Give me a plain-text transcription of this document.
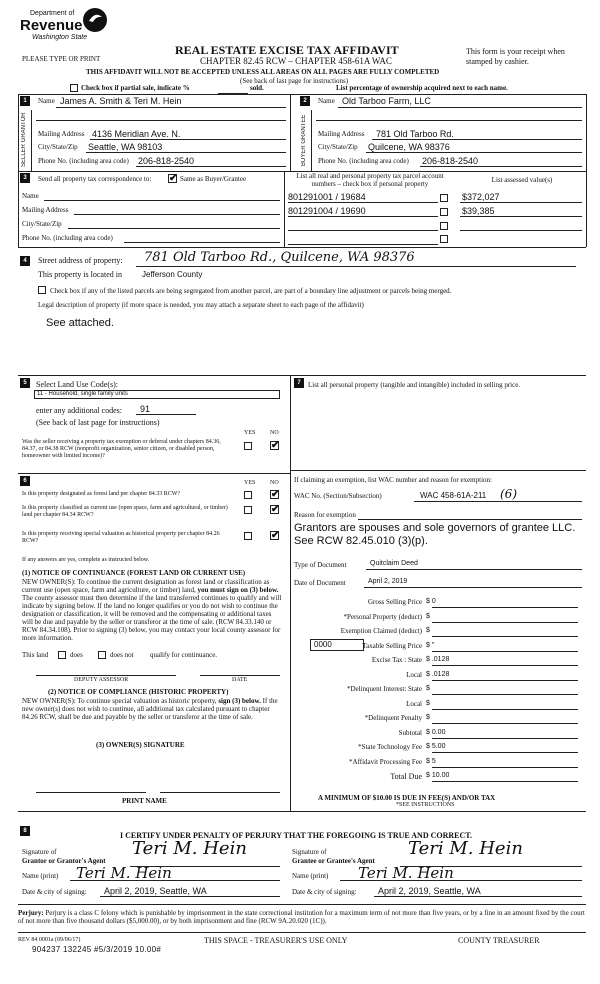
Department of
Revenue
Washington State
PLEASE TYPE OR PRINT
REAL ESTATE EXCISE TAX AFFIDAVIT
CHAPTER 82.45 RCW – CHAPTER 458-61A WAC
This form is your receipt when stamped by cashier.
THIS AFFIDAVIT WILL NOT BE ACCEPTED UNLESS ALL AREAS ON ALL PAGES ARE FULLY COMPLETED
(See back of last page for instructions)
Check box if partial sale, indicate %	sold.	List percentage of ownership acquired next to each name.
1
SELLER GRANTOR
Name James A. Smith & Teri M. Hein
Mailing Address 4136 Meridian Ave. N.
City/State/Zip Seattle, WA 98103
Phone No. (including area code) 206-818-2540
2
BUYER GRANTEE
Name Old Tarboo Farm, LLC
Mailing Address 781 Old Tarboo Rd.
City/State/Zip Quilcene, WA 98376
Phone No. (including area code) 206-818-2540
3	Send all property tax correspondence to: ✔ Same as Buyer/Grantee
Name
Mailing Address
City/State/Zip
Phone No. (including area code)
List all real and personal property tax parcel account numbers – check box if personal property
List assessed value(s)
801291001 / 19684	$372,027
801291004 / 19690	$39,385
4	Street address of property: 781 Old Tarboo Rd., Quilcene, WA 98376
This property is located in	Jefferson County
Check box if any of the listed parcels are being segregated from another parcel, are part of a boundary line adjustment or parcels being merged.
Legal description of property (if more space is needed, you may attach a separate sheet to each page of the affidavit)
See attached.
5	Select Land Use Code(s):
11 - Household, single family units
enter any additional codes: 91
(See back of last page for instructions)
YES NO
Was the seller receiving a property tax exemption or deferral under chapters 84.36, 84.37, or 84.38 RCW (nonprofit organization, senior citizen, or disabled person, homeowner with limited income)?
✔
6	YES NO
Is this property designated as forest land per chapter 84.33 RCW?	✔
Is this property classified as current use (open space, farm and agricultural, or timber) land per chapter 84.34 RCW?	✔
Is this property receiving special valuation as historical property per chapter 84.26 RCW?	✔
If any answers are yes, complete as instructed below.
(1) NOTICE OF CONTINUANCE (FOREST LAND OR CURRENT USE)
NEW OWNER(S): To continue the current designation as forest land or classification as current use (open space, farm and agriculture, or timber) land, you must sign on (3) below. The county assessor must then determine if the land transferred continues to qualify and will indicate by signing below. If the land no longer qualifies or you do not wish to continue the designation or classification, it will be removed and the compensating or additional taxes will be due and payable by the seller or transferor at the time of sale. (RCW 84.33.140 or RCW 84.34.108). Prior to signing (3) below, you may contact your local county assessor for more information.
This land	does	does not qualify for continuance.
DEPUTY ASSESSOR	DATE
(2) NOTICE OF COMPLIANCE (HISTORIC PROPERTY)
NEW OWNER(S): To continue special valuation as historic property, sign (3) below. If the new owner(s) does not wish to continue, all additional tax calculated pursuant to chapter 84.26 RCW, shall be due and payable by the seller or transferor at the time of sale.
(3) OWNER(S) SIGNATURE
PRINT NAME
7	List all personal property (tangible and intangible) included in selling price.
If claiming an exemption, list WAC number and reason for exemption:
WAC No. (Section/Subsection)	WAC 458-61A-211 (6)
Reason for exemption
Grantors are spouses and sole governors of grantee LLC. See RCW 82.45.010 (3)(p).
Type of Document	Quitclaim Deed
Date of Document	April 2, 2019
Gross Selling Price $ 0
*Personal Property (deduct) $
Exemption Claimed (deduct) $
Taxable Selling Price $ "
Excise Tax : State $ .0128
Local $ .0128
*Delinquent Interest: State $
Local $
*Delinquent Penalty $
Subtotal $ 0.00
*State Technology Fee $ 5.00
*Affidavit Processing Fee $ 5
Total Due $ 10.00
0000
A MINIMUM OF $10.00 IS DUE IN FEE(S) AND/OR TAX
*SEE INSTRUCTIONS
8	I CERTIFY UNDER PENALTY OF PERJURY THAT THE FOREGOING IS TRUE AND CORRECT.
Signature of
Grantor or Grantor's Agent
Teri M. Hein
Name (print) Teri M. Hein
Date & city of signing: April 2, 2019, Seattle, WA
Signature of
Grantee or Grantee's Agent
Teri M. Hein
Name (print) Teri M. Hein
Date & city of signing: April 2, 2019, Seattle, WA
Perjury: Perjury is a class C felony which is punishable by imprisonment in the state correctional institution for a maximum term of not more than five years, or by a fine in an amount fixed by the court of not more than five thousand dollars ($5,000.00), or by both imprisonment and fine (RCW 9A.20.020 (1C)).
REV 84 0001a (09/06/17)
904237 132245 #5/3/2019 10.00#
THIS SPACE - TREASURER'S USE ONLY	COUNTY TREASURER
